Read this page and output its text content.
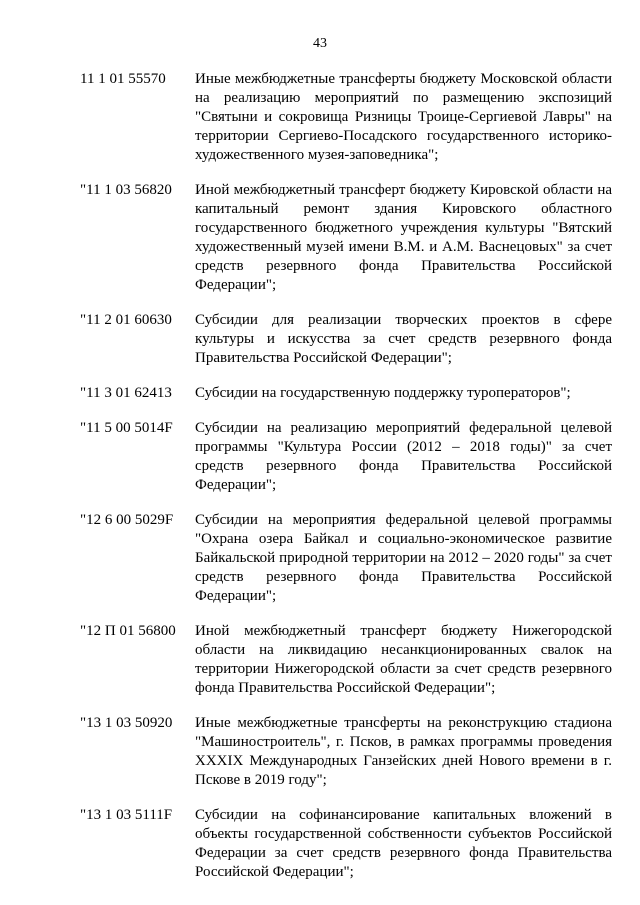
43
11 1 01 55570	Иные межбюджетные трансферты бюджету Московской области на реализацию мероприятий по размещению экспозиций "Святыни и сокровища Ризницы Троице-Сергиевой Лавры" на территории Сергиево-Посадского государственного историко-художественного музея-заповедника";
"11 1 03 56820	Иной межбюджетный трансферт бюджету Кировской области на капитальный ремонт здания Кировского областного государственного бюджетного учреждения культуры "Вятский художественный музей имени В.М. и А.М. Васнецовых" за счет средств резервного фонда Правительства Российской Федерации";
"11 2 01 60630	Субсидии для реализации творческих проектов в сфере культуры и искусства за счет средств резервного фонда Правительства Российской Федерации";
"11 3 01 62413	Субсидии на государственную поддержку туроператоров";
"11 5 00 5014F	Субсидии на реализацию мероприятий федеральной целевой программы "Культура России (2012 – 2018 годы)" за счет средств резервного фонда Правительства Российской Федерации";
"12 6 00 5029F	Субсидии на мероприятия федеральной целевой программы "Охрана озера Байкал и социально-экономическое развитие Байкальской природной территории на 2012 – 2020 годы" за счет средств резервного фонда Правительства Российской Федерации";
"12 П 01 56800	Иной межбюджетный трансферт бюджету Нижегородской области на ликвидацию несанкционированных свалок на территории Нижегородской области за счет средств резервного фонда Правительства Российской Федерации";
"13 1 03 50920	Иные межбюджетные трансферты на реконструкцию стадиона "Машиностроитель", г. Псков, в рамках программы проведения XXXIX Международных Ганзейских дней Нового времени в г. Пскове в 2019 году";
"13 1 03 5111F	Субсидии на софинансирование капитальных вложений в объекты государственной собственности субъектов Российской Федерации за счет средств резервного фонда Правительства Российской Федерации";
